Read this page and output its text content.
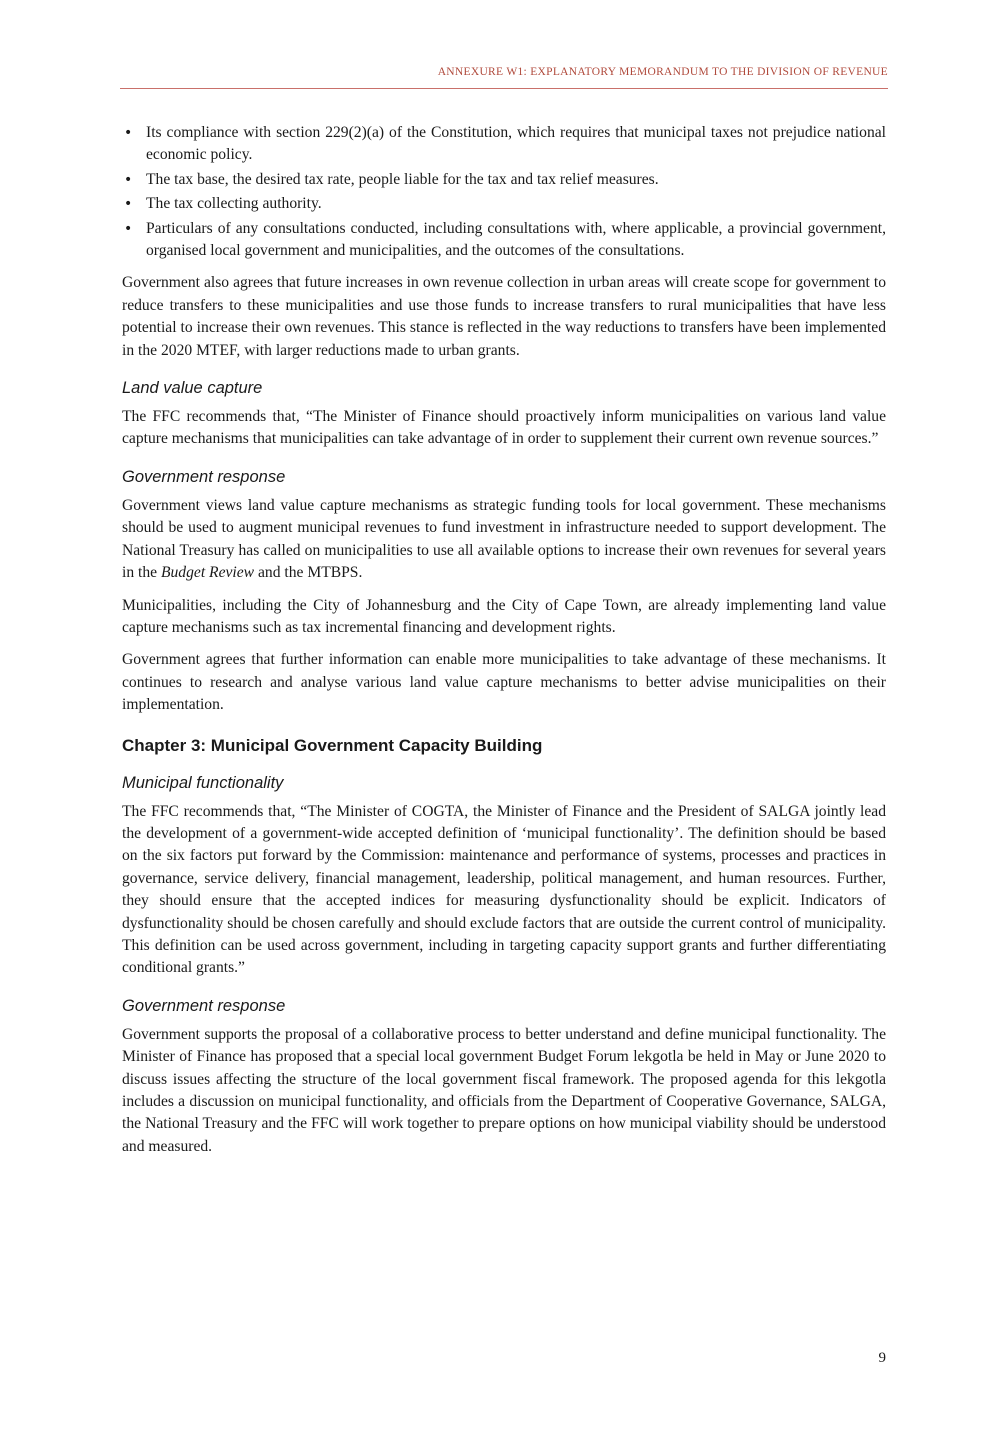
ANNEXURE W1: EXPLANATORY MEMORANDUM TO THE DIVISION OF REVENUE
• Its compliance with section 229(2)(a) of the Constitution, which requires that municipal taxes not prejudice national economic policy.
• The tax base, the desired tax rate, people liable for the tax and tax relief measures.
• The tax collecting authority.
• Particulars of any consultations conducted, including consultations with, where applicable, a provincial government, organised local government and municipalities, and the outcomes of the consultations.

Government also agrees that future increases in own revenue collection in urban areas will create scope for government to reduce transfers to these municipalities and use those funds to increase transfers to rural municipalities that have less potential to increase their own revenues. This stance is reflected in the way reductions to transfers have been implemented in the 2020 MTEF, with larger reductions made to urban grants.

Land value capture

The FFC recommends that, “The Minister of Finance should proactively inform municipalities on various land value capture mechanisms that municipalities can take advantage of in order to supplement their current own revenue sources.”

Government response

Government views land value capture mechanisms as strategic funding tools for local government. These mechanisms should be used to augment municipal revenues to fund investment in infrastructure needed to support development. The National Treasury has called on municipalities to use all available options to increase their own revenues for several years in the Budget Review and the MTBPS.

Municipalities, including the City of Johannesburg and the City of Cape Town, are already implementing land value capture mechanisms such as tax incremental financing and development rights.

Government agrees that further information can enable more municipalities to take advantage of these mechanisms. It continues to research and analyse various land value capture mechanisms to better advise municipalities on their implementation.

Chapter 3: Municipal Government Capacity Building
Municipal functionality

The FFC recommends that, “The Minister of COGTA, the Minister of Finance and the President of SALGA jointly lead the development of a government-wide accepted definition of ‘municipal functionality’. The definition should be based on the six factors put forward by the Commission: maintenance and performance of systems, processes and practices in governance, service delivery, financial management, leadership, political management, and human resources. Further, they should ensure that the accepted indices for measuring dysfunctionality should be explicit. Indicators of dysfunctionality should be chosen carefully and should exclude factors that are outside the current control of municipality. This definition can be used across government, including in targeting capacity support grants and further differentiating conditional grants.”

Government response

Government supports the proposal of a collaborative process to better understand and define municipal functionality. The Minister of Finance has proposed that a special local government Budget Forum lekgotla be held in May or June 2020 to discuss issues affecting the structure of the local government fiscal framework. The proposed agenda for this lekgotla includes a discussion on municipal functionality, and officials from the Department of Cooperative Governance, SALGA, the National Treasury and the FFC will work together to prepare options on how municipal viability should be understood and measured.

9
